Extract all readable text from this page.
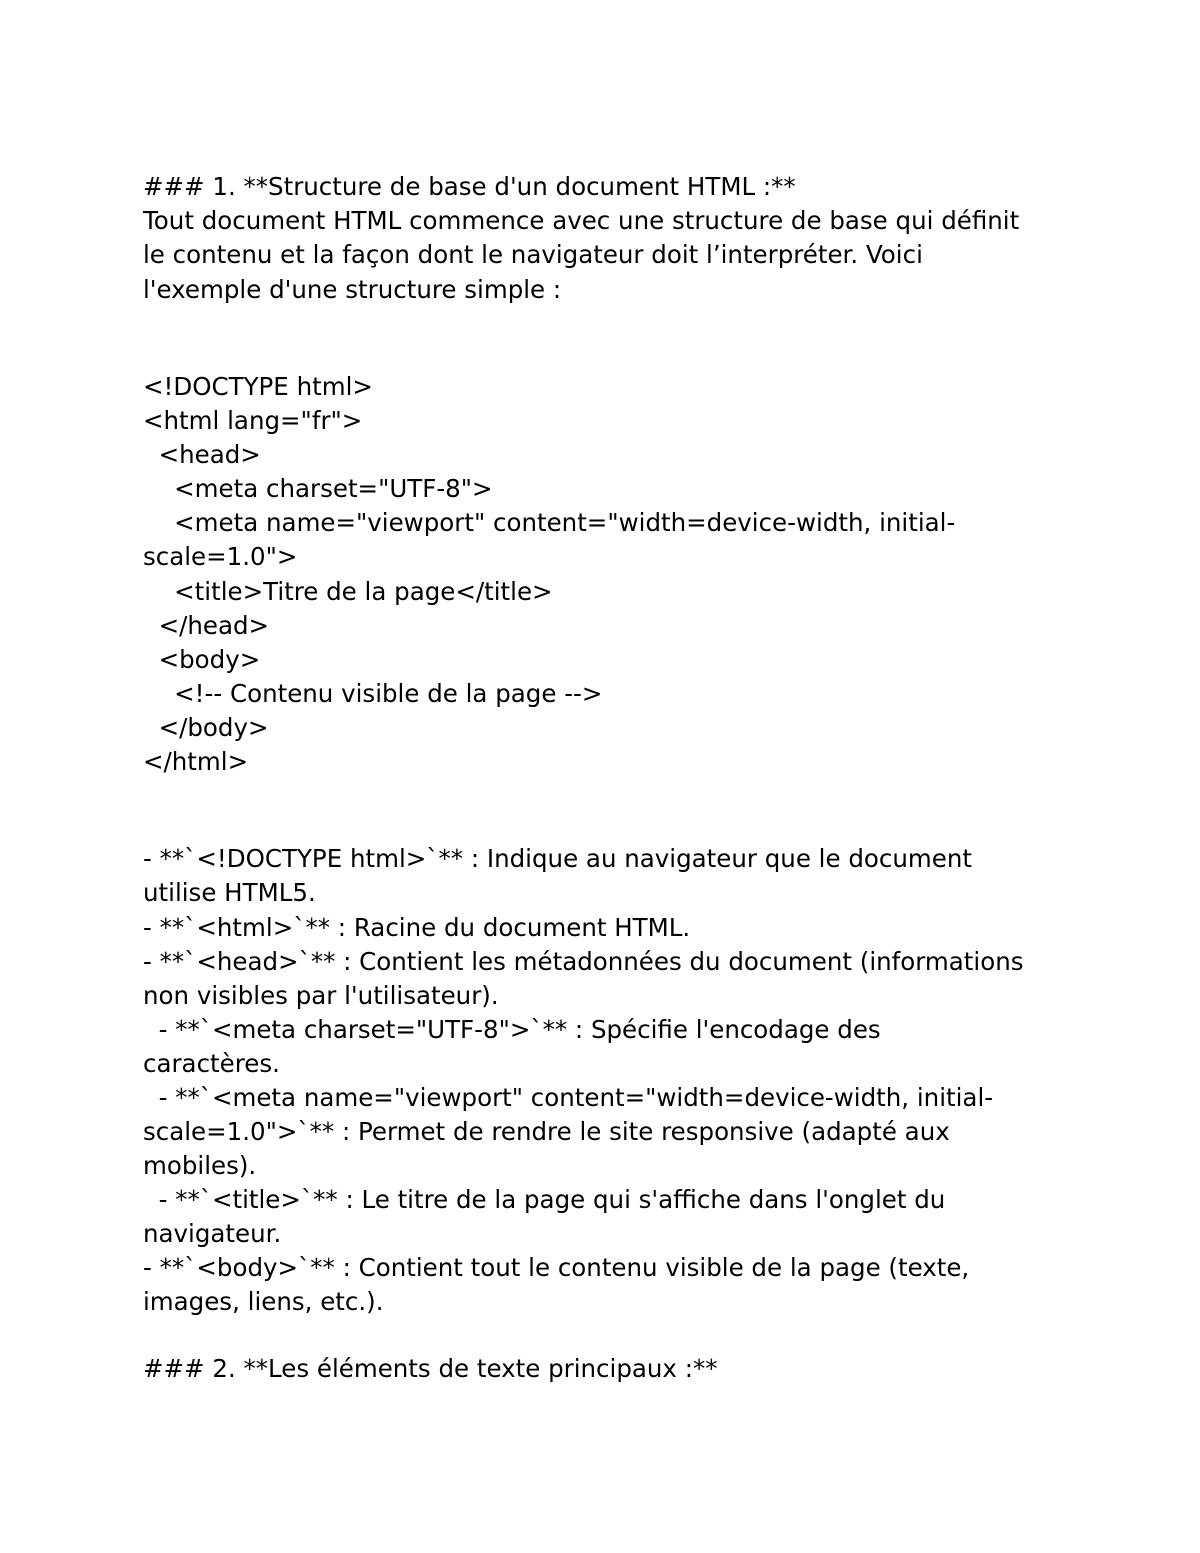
### 1. **Structure de base d'un document HTML :**

Tout document HTML commence avec une structure de base qui définit

le contenu et la façon dont le navigateur doit l’interpréter. Voici

l'exemple d'une structure simple :

<!DOCTYPE html>

<html lang="fr">

<head>

<meta charset="UTF-8">

<meta name="viewport" content="width=device-width, initial-

scale=1.0">

<title>Titre de la page</title>

</head>

<body>

<!-- Contenu visible de la page -->

</body>

</html>

- **`<!DOCTYPE html>`** : Indique au navigateur que le document

utilise HTML5.

- **`<html>`** : Racine du document HTML.

- **`<head>`** : Contient les métadonnées du document (informations

non visibles par l'utilisateur).

- **`<meta charset="UTF-8">`** : Spécifie l'encodage des

caractères.

- **`<meta name="viewport" content="width=device-width, initial-

scale=1.0">`** : Permet de rendre le site responsive (adapté aux

mobiles).

- **`<title>`** : Le titre de la page qui s'affiche dans l'onglet du

navigateur.

- **`<body>`** : Contient tout le contenu visible de la page (texte,

images, liens, etc.).

### 2. **Les éléments de texte principaux :**
